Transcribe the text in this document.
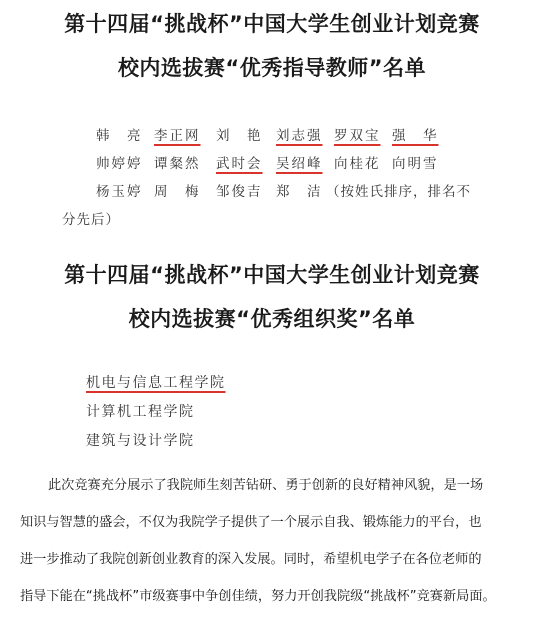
第十四届“挑战杯”中国大学生创业计划竞赛
校内选拔赛“优秀指导教师”名单
韩　亮 李正网 刘　艳 刘志强 罗双宝 强　华
帅婷婷 谭粲然 武时会 吴绍峰 向桂花 向明雪
杨玉婷 周　梅 邹俊吉 郑　洁 （按姓氏排序，排名不
分先后）
第十四届“挑战杯”中国大学生创业计划竞赛
校内选拔赛“优秀组织奖”名单
机电与信息工程学院
计算机工程学院
建筑与设计学院
此次竞赛充分展示了我院师生刻苦钻研、勇于创新的良好精神风貌，是一场
知识与智慧的盛会，不仅为我院学子提供了一个展示自我、锻炼能力的平台，也
进一步推动了我院创新创业教育的深入发展。同时，希望机电学子在各位老师的
指导下能在“挑战杯”市级赛事中争创佳绩，努力开创我院级“挑战杯”竞赛新局面。
